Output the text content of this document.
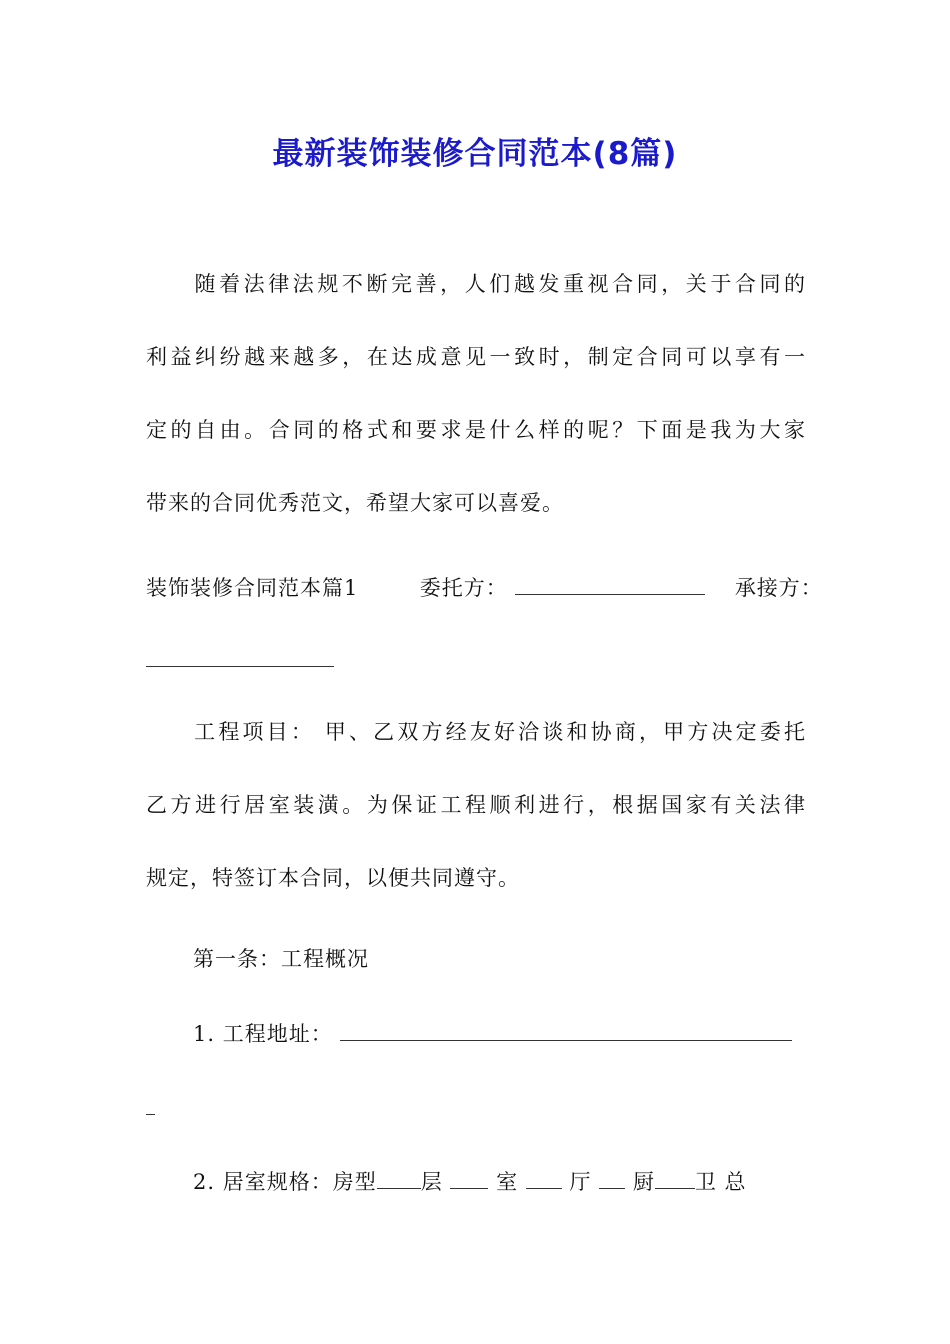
最新装饰装修合同范本(8篇)
随着法律法规不断完善，人们越发重视合同，关于合同的
利益纠纷越来越多，在达成意见一致时，制定合同可以享有一
定的自由。合同的格式和要求是什么样的呢？下面是我为大家
带来的合同优秀范文，希望大家可以喜爱。
装饰装修合同范本篇1	委托方：	承接方：
工程项目： 甲、乙双方经友好洽谈和协商，甲方决定委托
乙方进行居室装潢。为保证工程顺利进行，根据国家有关法律
规定，特签订本合同，以便共同遵守。
第一条：工程概况
1. 工程地址：
2. 居室规格：房型 层	室 厅 厨 卫 总
